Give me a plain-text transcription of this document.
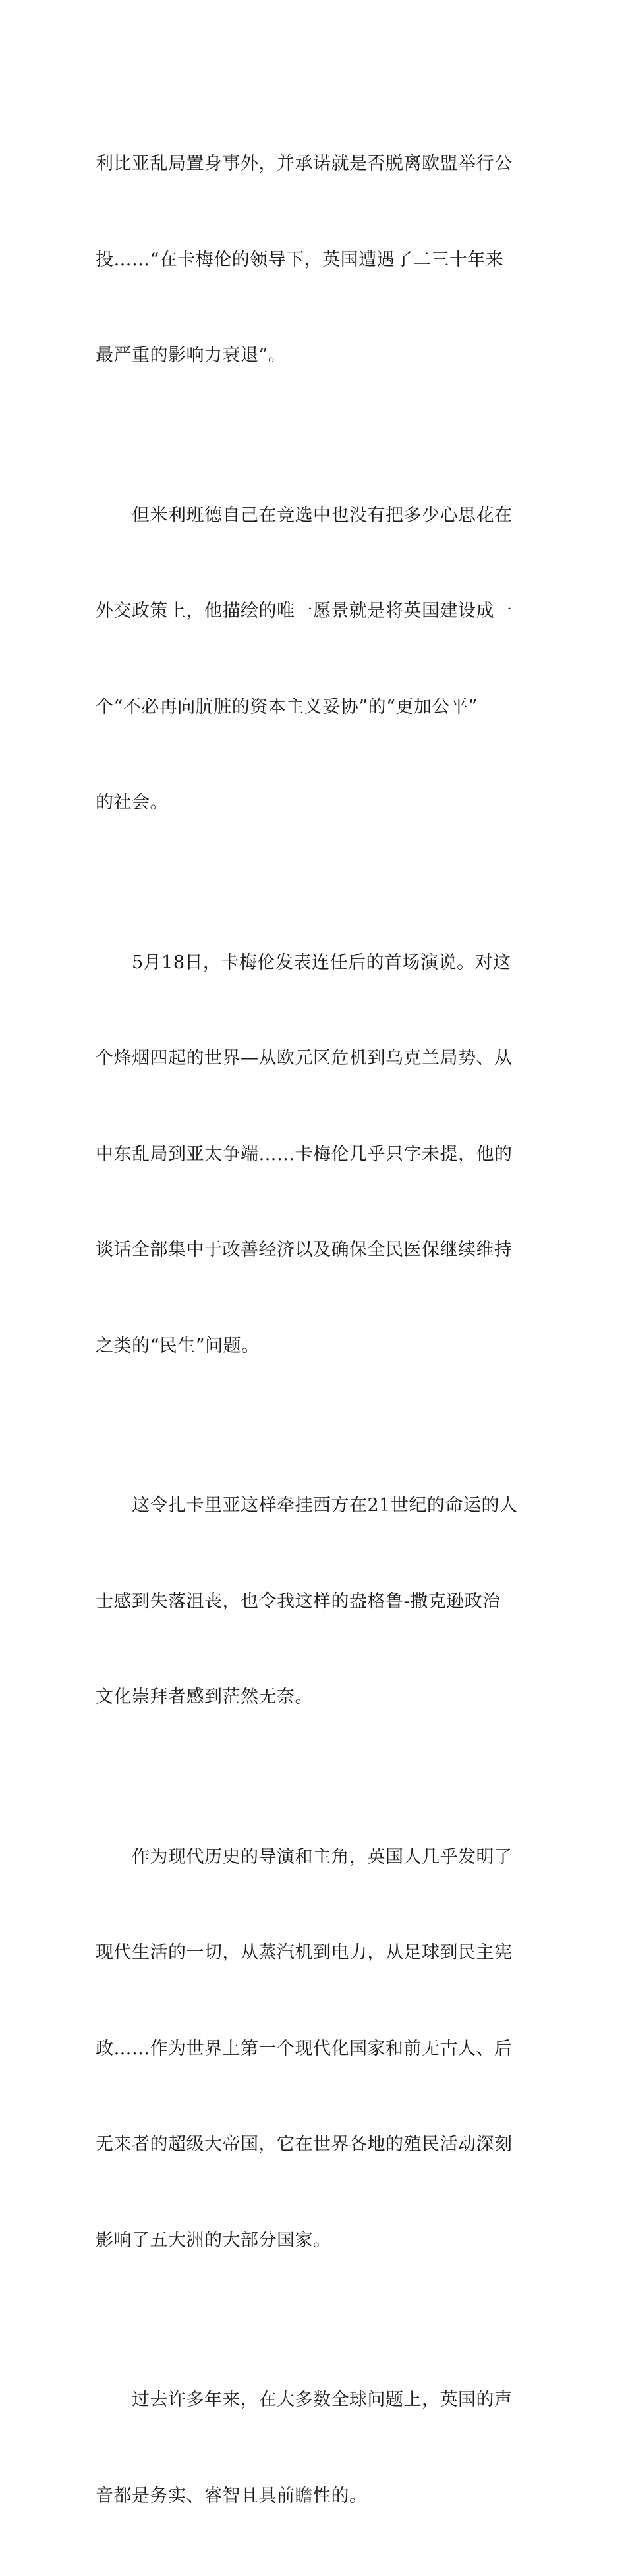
利比亚乱局置身事外，并承诺就是否脱离欧盟举行公

投……“在卡梅伦的领导下，英国遭遇了二三十年来

最严重的影响力衰退”。

　　但米利班德自己在竞选中也没有把多少心思花在

外交政策上，他描绘的唯一愿景就是将英国建设成一

个“不必再向肮脏的资本主义妥协”的“更加公平”

的社会。

　　5月18日，卡梅伦发表连任后的首场演说。对这

个烽烟四起的世界—从欧元区危机到乌克兰局势、从

中东乱局到亚太争端……卡梅伦几乎只字未提，他的

谈话全部集中于改善经济以及确保全民医保继续维持

之类的“民生”问题。

　　这令扎卡里亚这样牵挂西方在21世纪的命运的人

士感到失落沮丧，也令我这样的盎格鲁-撒克逊政治

文化崇拜者感到茫然无奈。

　　作为现代历史的导演和主角，英国人几乎发明了

现代生活的一切，从蒸汽机到电力，从足球到民主宪

政……作为世界上第一个现代化国家和前无古人、后

无来者的超级大帝国，它在世界各地的殖民活动深刻

影响了五大洲的大部分国家。

　　过去许多年来，在大多数全球问题上，英国的声

音都是务实、睿智且具前瞻性的。
